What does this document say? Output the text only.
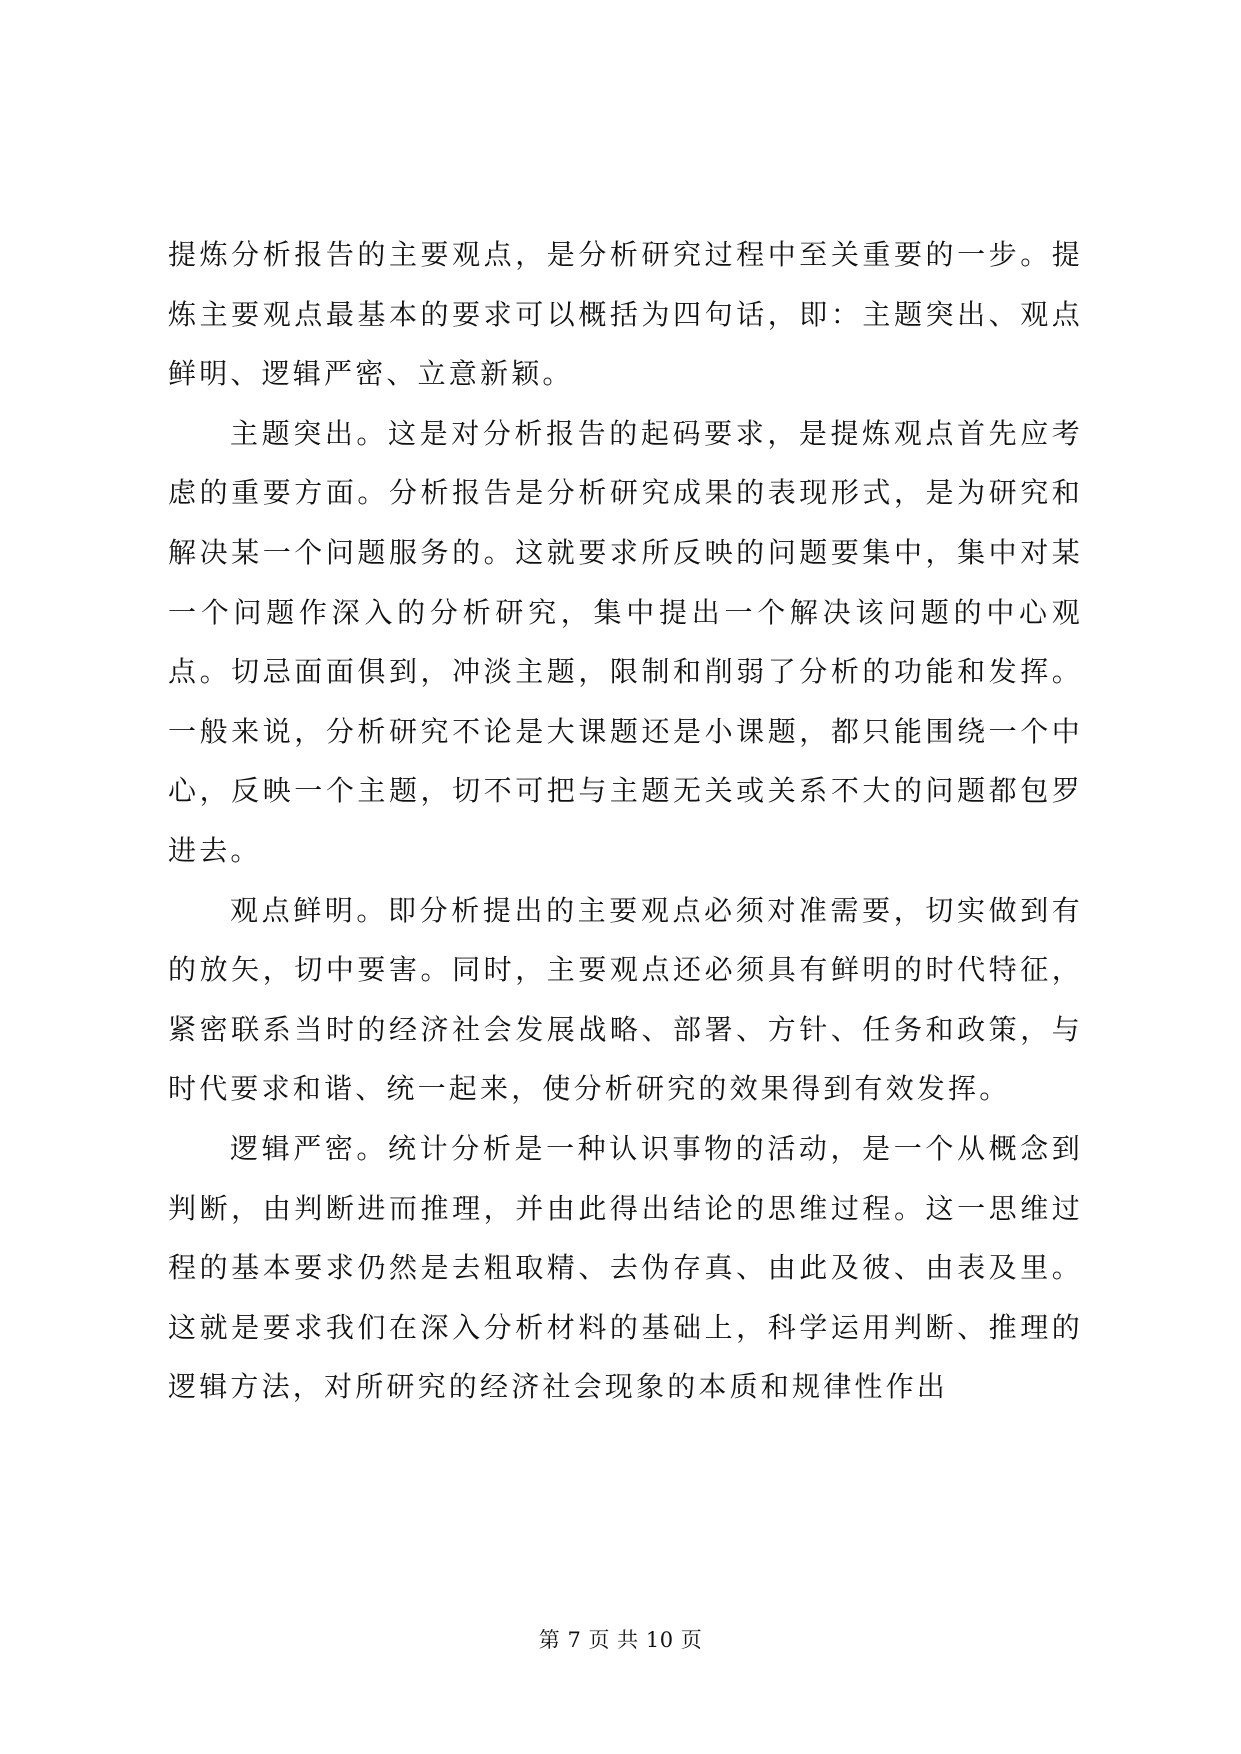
提炼分析报告的主要观点，是分析研究过程中至关重要的一步。提炼主要观点最基本的要求可以概括为四句话，即：主题突出、观点鲜明、逻辑严密、立意新颖。

主题突出。这是对分析报告的起码要求，是提炼观点首先应考虑的重要方面。分析报告是分析研究成果的表现形式，是为研究和解决某一个问题服务的。这就要求所反映的问题要集中，集中对某一个问题作深入的分析研究，集中提出一个解决该问题的中心观点。切忌面面俱到，冲淡主题，限制和削弱了分析的功能和发挥。一般来说，分析研究不论是大课题还是小课题，都只能围绕一个中心，反映一个主题，切不可把与主题无关或关系不大的问题都包罗进去。

观点鲜明。即分析提出的主要观点必须对准需要，切实做到有的放矢，切中要害。同时，主要观点还必须具有鲜明的时代特征，紧密联系当时的经济社会发展战略、部署、方针、任务和政策，与时代要求和谐、统一起来，使分析研究的效果得到有效发挥。

逻辑严密。统计分析是一种认识事物的活动，是一个从概念到判断，由判断进而推理，并由此得出结论的思维过程。这一思维过程的基本要求仍然是去粗取精、去伪存真、由此及彼、由表及里。这就是要求我们在深入分析材料的基础上，科学运用判断、推理的逻辑方法，对所研究的经济社会现象的本质和规律性作出

第 7 页 共 10 页
